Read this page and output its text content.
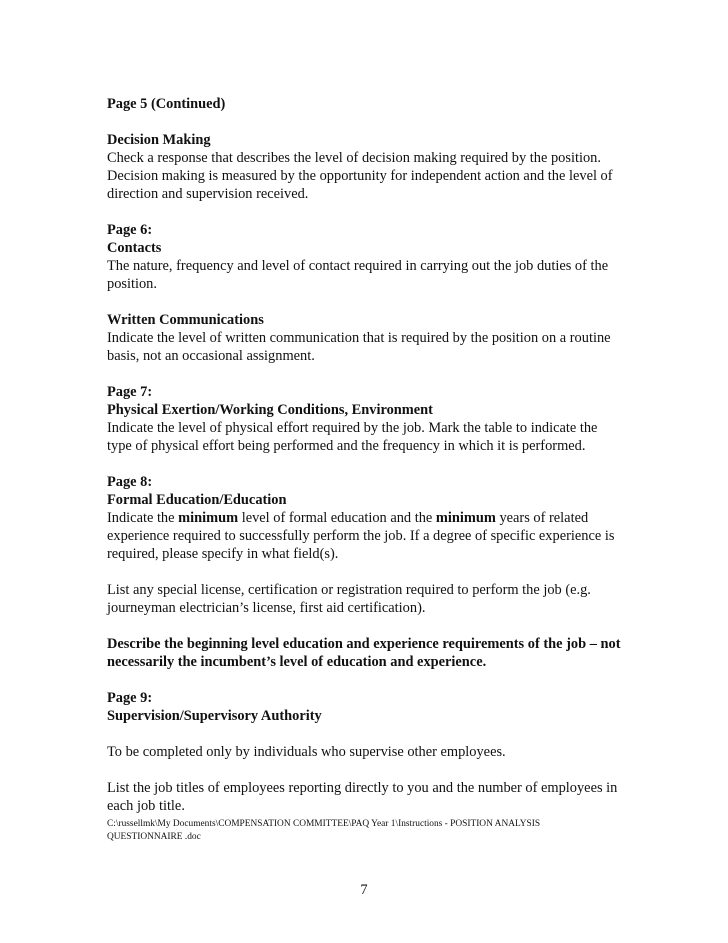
Page 5 (Continued)

Decision Making

Check a response that describes the level of decision making required by the position.

Decision making is measured by the opportunity for independent action and the level of

direction and supervision received.

Page 6:

Contacts

The nature, frequency and level of contact required in carrying out the job duties of the

position.

Written Communications

Indicate the level of written communication that is required by the position on a routine

basis, not an occasional assignment.

Page 7:

Physical Exertion/Working Conditions, Environment

Indicate the level of physical effort required by the job. Mark the table to indicate the

type of physical effort being performed and the frequency in which it is performed.

Page 8:

Formal Education/Education

Indicate the minimum level of formal education and the minimum years of related

experience required to successfully perform the job. If a degree of specific experience is

required, please specify in what field(s).

List any special license, certification or registration required to perform the job (e.g.

journeyman electrician’s license, first aid certification).

Describe the beginning level education and experience requirements of the job – not

necessarily the incumbent’s level of education and experience.

Page 9:

Supervision/Supervisory Authority

To be completed only by individuals who supervise other employees.

List the job titles of employees reporting directly to you and the number of employees in

each job title.

C:\russellmk\My Documents\COMPENSATION COMMITTEE\PAQ Year 1\Instructions - POSITION ANALYSIS
QUESTIONNAIRE .doc
7
